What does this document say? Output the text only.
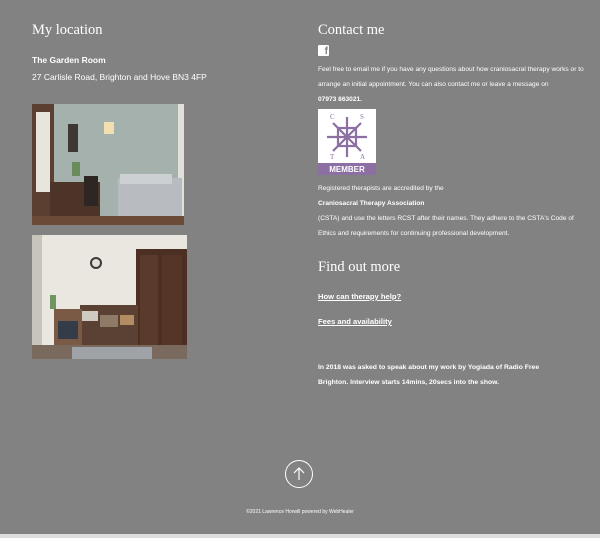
My location
The Garden Room
27 Carlisle Road, Brighton and Hove BN3 4FP
Contact me
f
Feel free to email me if you have any questions about how craniosacral therapy works or to arrange an initial appointment. You can also contact me or leave a message on
07973 863021.
C	S
T	A
MEMBER
Registered therapists are accredited by the
Craniosacral Therapy Association
(CSTA) and use the letters RCST after their names. They adhere to the CSTA's Code of Ethics and requirements for continuing professional development.
Find out more
How can therapy help?
Fees and availability
In 2018 was asked to speak about my work by Yogiada of Radio Free Brighton. Interview starts 14mins, 20secs into the show.
©2021 Lawrence Horwill powered by WebHealer
